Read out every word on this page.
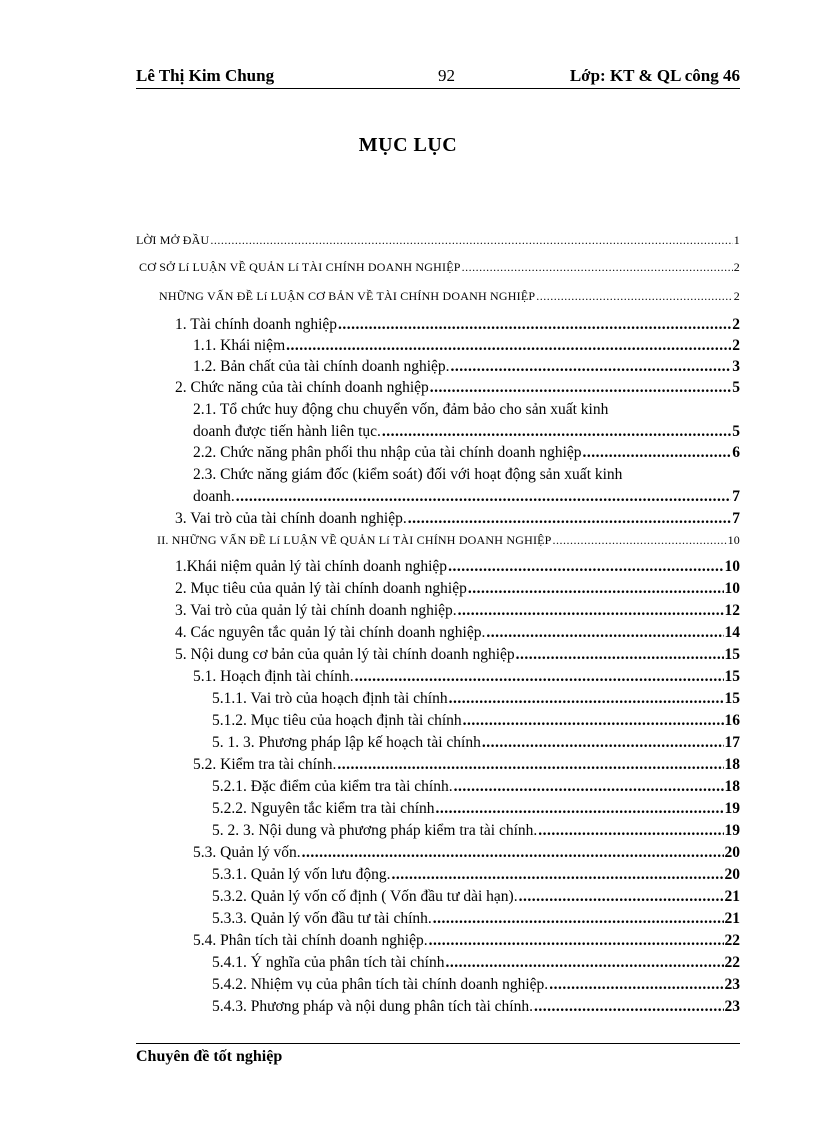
Lê Thị Kim Chung	92	Lớp: KT & QL công 46
MỤC LỤC
LỜI MỞ ĐẦU .....	1
CƠ SỞ Lí LUẬN VỀ QUẢN Lí TÀI CHÍNH DOANH NGHIỆP .....	2
NHỮNG VẤN ĐỀ Lí LUẬN CƠ BẢN VỀ TÀI CHÍNH DOANH NGHIỆP .....	2
1. Tài chính doanh nghiệp .....	2
1.1. Khái niệm .....	2
1.2. Bản chất của tài chính doanh nghiệp. .....	3
2. Chức năng của tài chính doanh nghiệp .....	5
2.1. Tổ chức huy động chu chuyển vốn, đảm bảo cho sản xuất kinh
doanh được tiến hành liên tục. .....	5
2.2. Chức năng phân phối thu nhập của tài chính doanh nghiệp .....	6
2.3. Chức năng giám đốc (kiểm soát) đối với hoạt động sản xuất kinh
doanh. .....	7
3. Vai trò của tài chính doanh nghiệp. .....	7
II. NHỮNG VẤN ĐỀ Lí LUẬN VỀ QUẢN Lí TÀI CHÍNH DOANH NGHIỆP .....	10
1.Khái niệm quản lý tài chính doanh nghiệp .....	10
2. Mục tiêu của quản lý tài chính doanh nghiệp .....	10
3. Vai trò của quản lý tài chính doanh nghiệp. .....	12
4. Các nguyên tắc quản lý tài chính doanh nghiệp. .....	14
5. Nội dung cơ bản của quản lý tài chính doanh nghiệp .....	15
5.1. Hoạch định tài chính. .....	15
5.1.1. Vai trò của hoạch định tài chính .....	15
5.1.2. Mục tiêu của hoạch định tài chính .....	16
5. 1. 3. Phương pháp lập kế hoạch tài chính .....	17
5.2. Kiểm tra tài chính. .....	18
5.2.1. Đặc điểm của kiểm tra tài chính. .....	18
5.2.2. Nguyên tắc kiểm tra tài chính .....	19
5. 2. 3. Nội dung và phương pháp kiểm tra tài chính. .....	19
5.3. Quản lý vốn. .....	20
5.3.1. Quản lý vốn lưu động. .....	20
5.3.2. Quản lý vốn cố định ( Vốn đầu tư dài hạn). .....	21
5.3.3. Quản lý vốn đầu tư tài chính. .....	21
5.4. Phân tích tài chính doanh nghiệp. .....	22
5.4.1. Ý nghĩa của phân tích tài chính .....	22
5.4.2. Nhiệm vụ của phân tích tài chính doanh nghiệp. .....	23
5.4.3. Phương pháp và nội dung phân tích tài chính. .....	23
Chuyên đề tốt nghiệp
